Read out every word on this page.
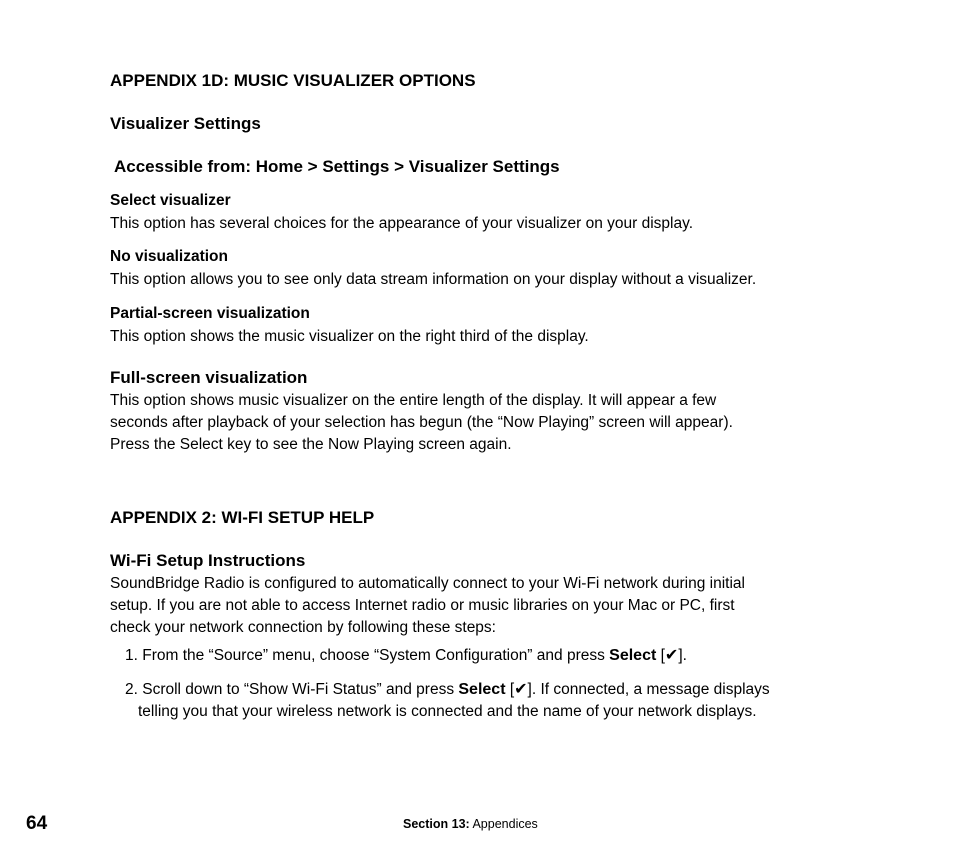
APPENDIX 1D: MUSIC VISUALIZER OPTIONS
Visualizer Settings
Accessible from: Home > Settings > Visualizer Settings
Select visualizer
This option has several choices for the appearance of your visualizer on your display.
No visualization
This option allows you to see only data stream information on your display without a visualizer.
Partial-screen visualization
This option shows the music visualizer on the right third of the display.
Full-screen visualization
This option shows music visualizer on the entire length of the display. It will appear a few
seconds after playback of your selection has begun (the “Now Playing” screen will appear).
Press the Select key to see the Now Playing screen again.
APPENDIX 2: WI-FI SETUP HELP
Wi-Fi Setup Instructions
SoundBridge Radio is configured to automatically connect to your Wi-Fi network during initial
setup. If you are not able to access Internet radio or music libraries on your Mac or PC, first
check your network connection by following these steps:
1. From the “Source” menu, choose “System Configuration” and press Select [✔].
2. Scroll down to “Show Wi-Fi Status” and press Select [✔]. If connected, a message displays
telling you that your wireless network is connected and the name of your network displays.
64	Section 13: Appendices
